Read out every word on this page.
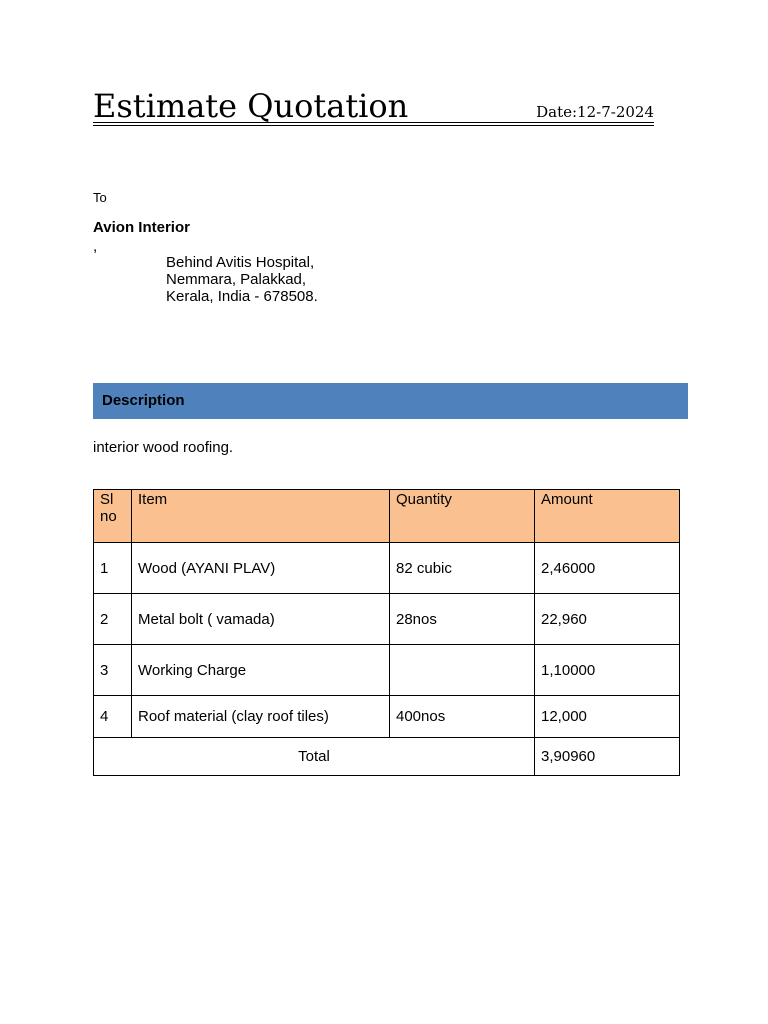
Estimate Quotation	Date:12-7-2024
To
Avion Interior
,
Behind Avitis Hospital,
Nemmara, Palakkad,
Kerala, India - 678508.
Description
interior wood roofing.
Sl no	Item	Quantity	Amount
1	Wood (AYANI PLAV)	82 cubic	2,46000
2	Metal bolt ( vamada)	28nos	22,960
3	Working Charge		1,10000
4	Roof material (clay roof tiles)	400nos	12,000
Total			3,90960
